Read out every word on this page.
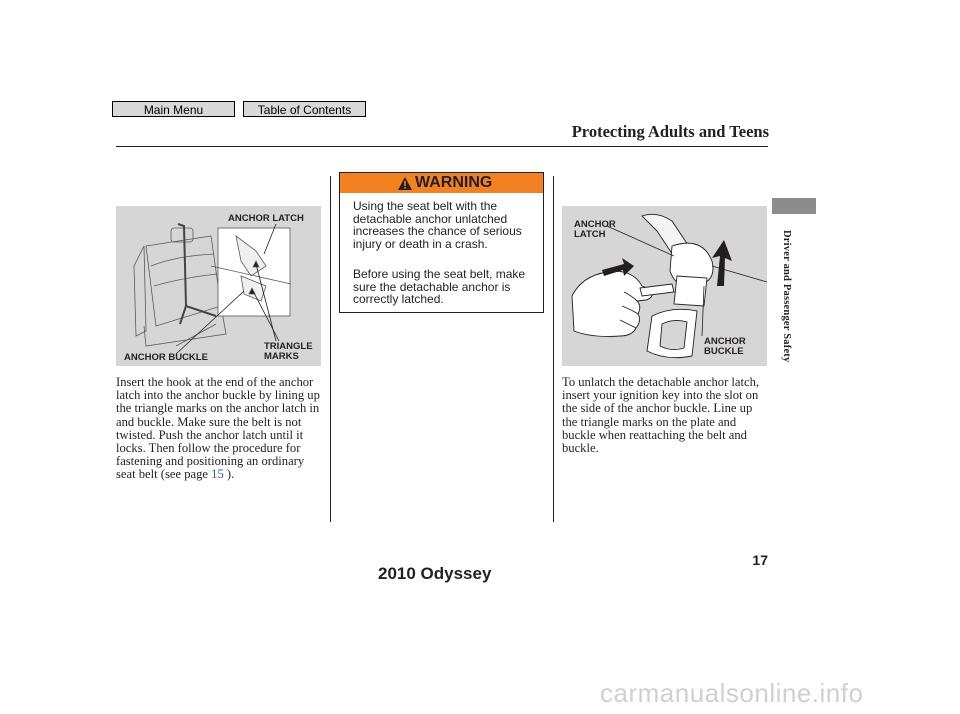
Main Menu	Table of Contents
Protecting Adults and Teens
Driver and Passenger Safety
ANCHOR LATCH
TRIANGLE MARKS
ANCHOR BUCKLE

Insert the hook at the end of the anchor latch into the anchor buckle by lining up the triangle marks on the anchor latch in and buckle. Make sure the belt is not twisted. Push the anchor latch until it locks. Then follow the procedure for fastening and positioning an ordinary seat belt (see page 15 ).

WARNING
Using the seat belt with the detachable anchor unlatched increases the chance of serious injury or death in a crash.
Before using the seat belt, make sure the detachable anchor is correctly latched.
ANCHOR LATCH
ANCHOR BUCKLE
To unlatch the detachable anchor latch, insert your ignition key into the slot on the side of the anchor buckle. Line up the triangle marks on the plate and buckle when reattaching the belt and buckle.
17
2010 Odyssey
carmanualsonline.info
